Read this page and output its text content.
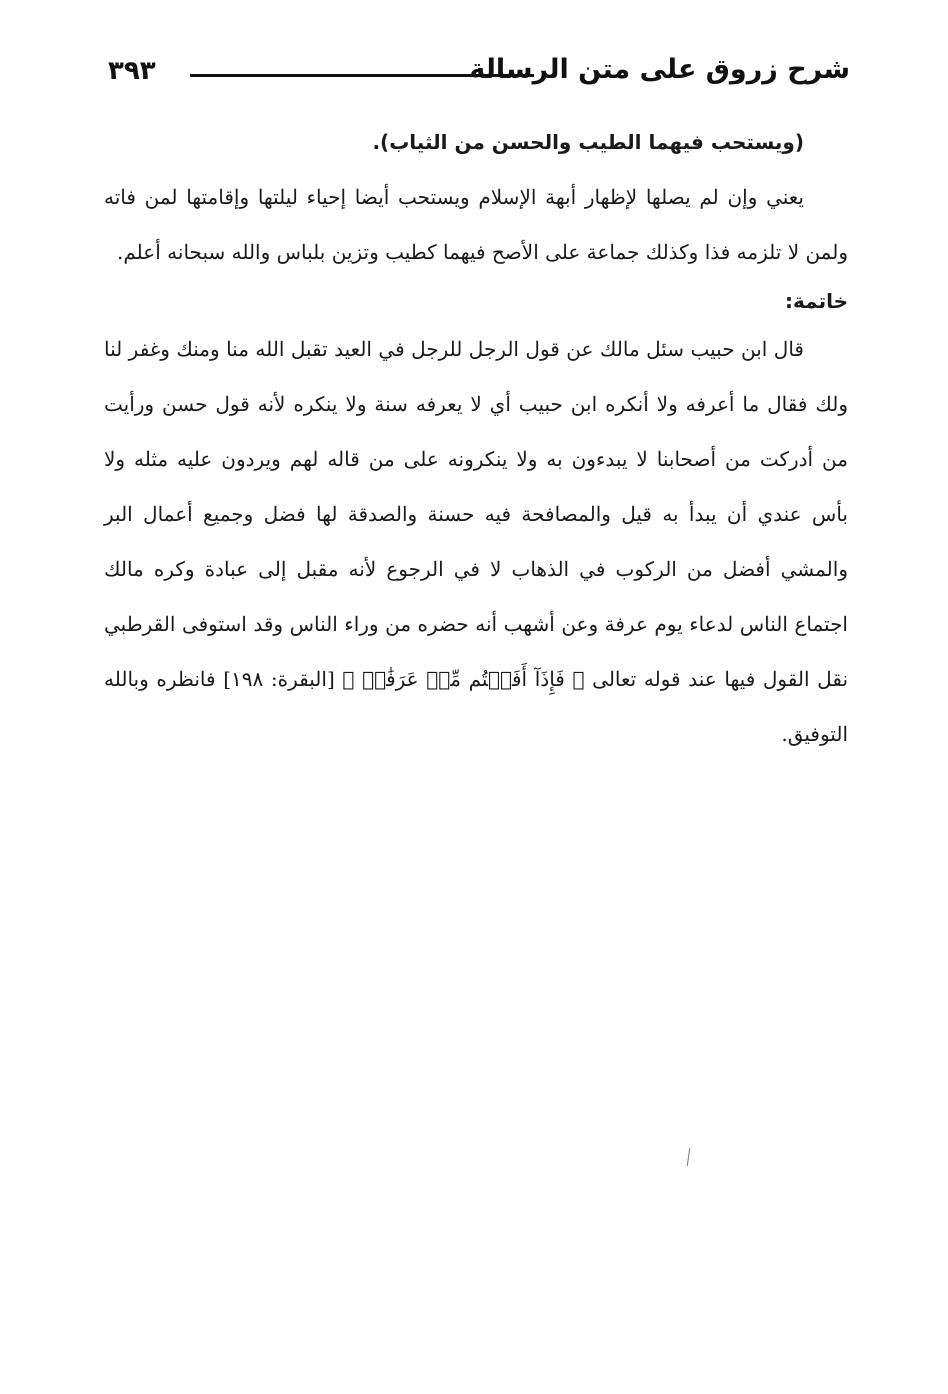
٣٩٣	شرح زروق على متن الرسالة

(ويستحب فيهما الطيب والحسن من الثياب).

يعني وإن لم يصلها لإظهار أبهة الإسلام ويستحب أيضا إحياء ليلتها وإقامتها لمن فاته ولمن لا تلزمه فذا وكذلك جماعة على الأصح فيهما كطيب وتزين بلباس والله سبحانه أعلم.

خاتمة:

قال ابن حبيب سئل مالك عن قول الرجل للرجل في العيد تقبل الله منا ومنك وغفر لنا ولك فقال ما أعرفه ولا أنكره ابن حبيب أي لا يعرفه سنة ولا ينكره لأنه قول حسن ورأيت من أدركت من أصحابنا لا يبدءون به ولا ينكرونه على من قاله لهم ويردون عليه مثله ولا بأس عندي أن يبدأ به قيل والمصافحة فيه حسنة والصدقة لها فضل وجميع أعمال البر والمشي أفضل من الركوب في الذهاب لا في الرجوع لأنه مقبل إلى عبادة وكره مالك اجتماع الناس لدعاء يوم عرفة وعن أشهب أنه حضره من وراء الناس وقد استوفى القرطبي نقل القول فيها عند قوله تعالى ﴿ فَإِذَآ أَفَضۡتُم مِّنۡ عَرَفَٰتٖ ﴾ [البقرة: ١٩٨] فانظره وبالله التوفيق.
